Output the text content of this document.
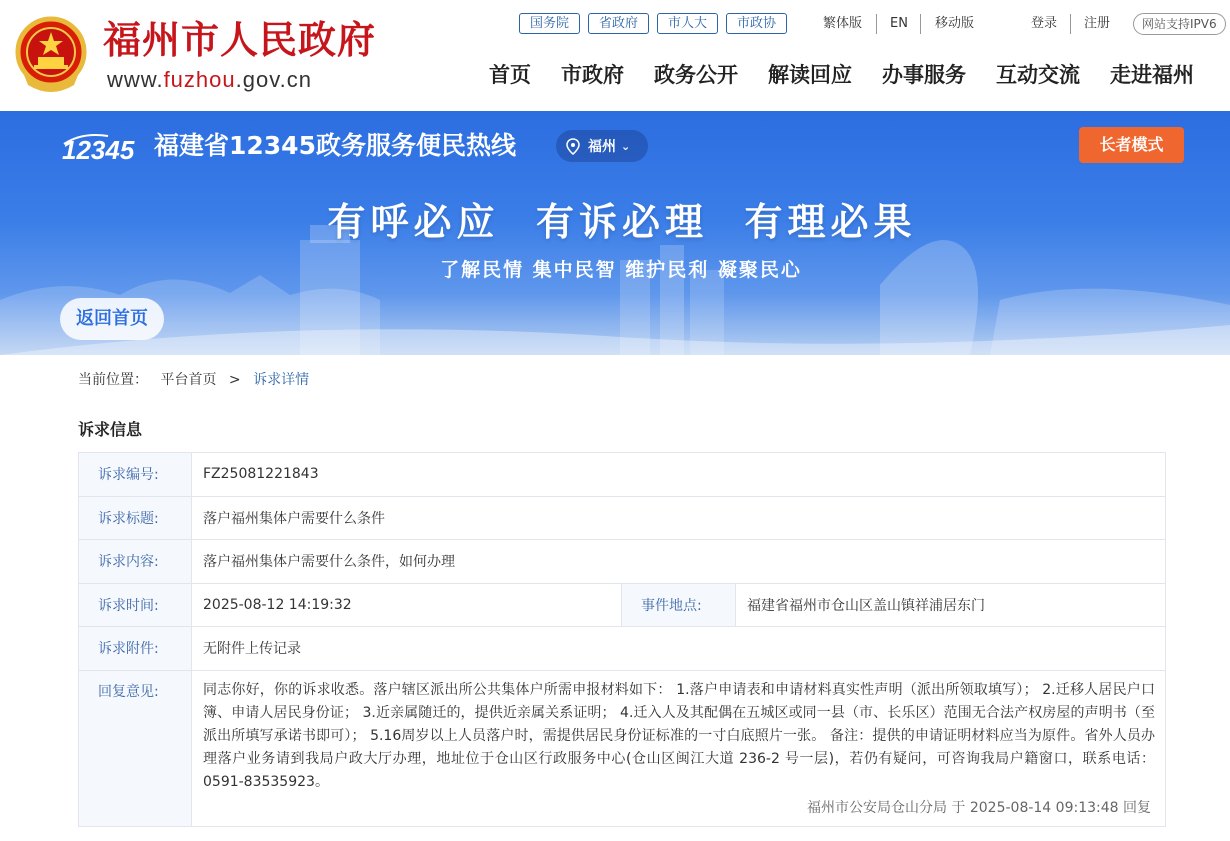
福州市人民政府
www.fuzhou.gov.cn
国务院	省政府	市人大	市政协	繁体版 EN 移动版	登录 注册	网站支持IPV6
首页 市政府 政务公开 解读回应 办事服务 互动交流 走进福州
12345 福建省12345政务服务便民热线	福州 ⌄	长者模式
有呼必应  有诉必理  有理必果
了解民情 集中民智 维护民利 凝聚民心
返回首页
当前位置： 平台首页 > 诉求详情
诉求信息
诉求编号:	FZ25081221843		
诉求标题:	落户福州集体户需要什么条件		
诉求内容:	落户福州集体户需要什么条件，如何办理		
诉求时间:	2025-08-12 14:19:32	事件地点:	福建省福州市仓山区盖山镇祥浦居东门
诉求附件:	无附件上传记录		
回复意见:	同志你好，你的诉求收悉。落户辖区派出所公共集体户所需申报材料如下： 1.落户申请表和申请材料真实性声明（派出所领取填写）； 2.迁移人居民户口簿、申请人居民身份证； 3.近亲属随迁的，提供近亲属关系证明； 4.迁入人及其配偶在五城区或同一县（市、长乐区）范围无合法产权房屋的声明书（至派出所填写承诺书即可）； 5.16周岁以上人员落户时，需提供居民身份证标准的一寸白底照片一张。 备注：提供的申请证明材料应当为原件。省外人员办理落户业务请到我局户政大厅办理，地址位于仓山区行政服务中心(仓山区闽江大道 236-2 号一层)，若仍有疑问，可咨询我局户籍窗口，联系电话：0591-83535923。
福州市公安局仓山分局 于 2025-08-14 09:13:48 回复		
